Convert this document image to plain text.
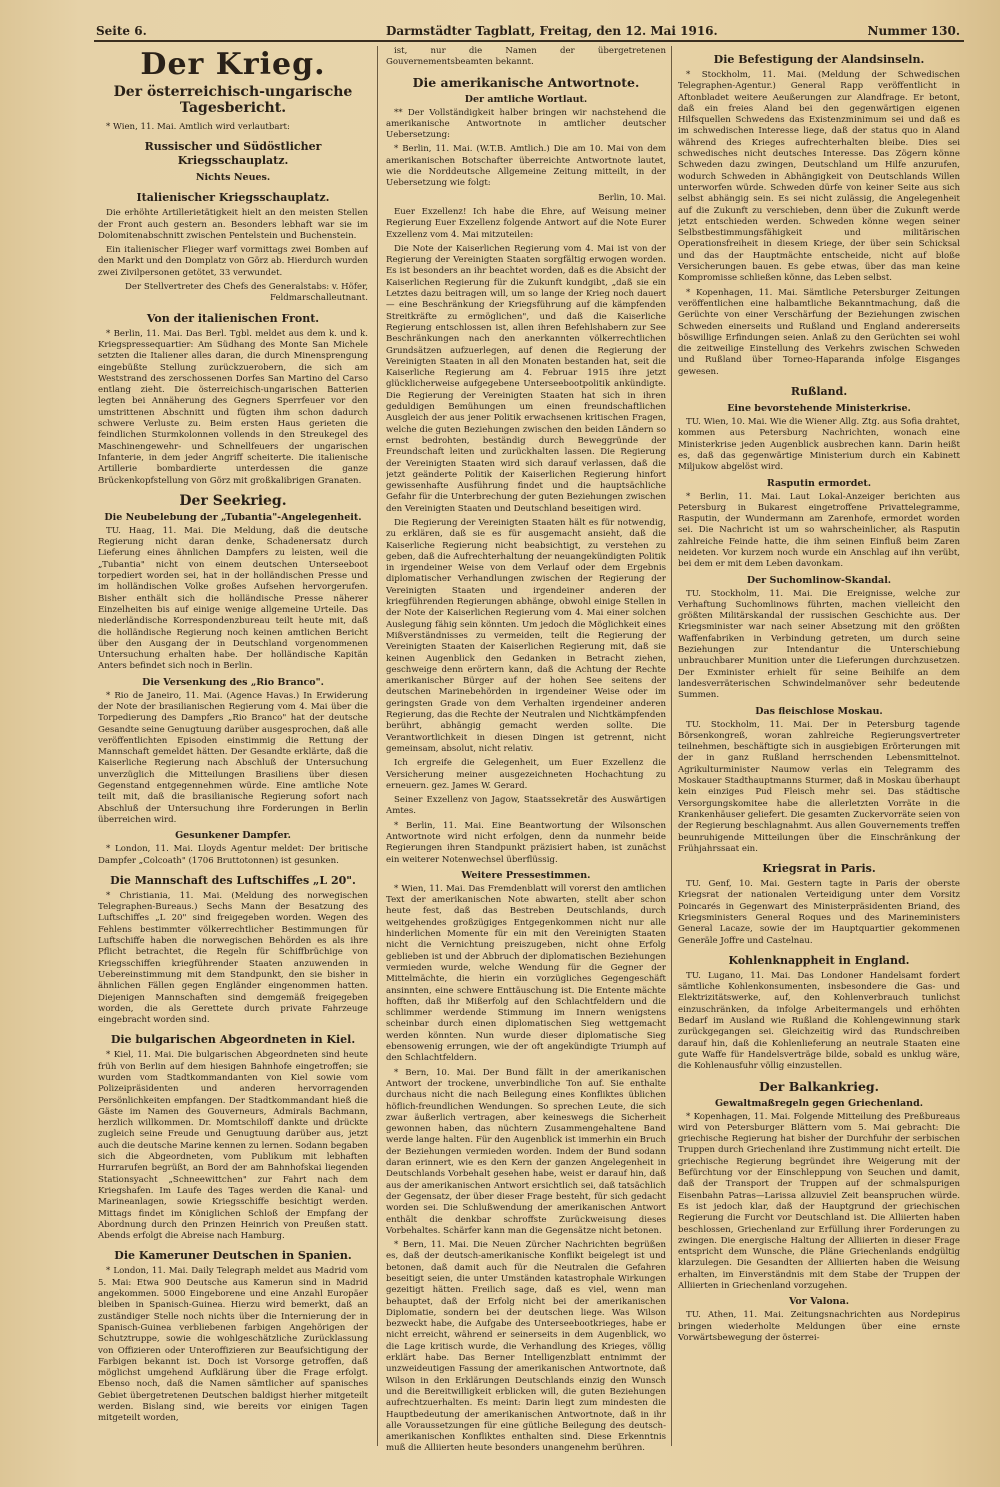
Seite 6.	Darmstädter Tagblatt, Freitag, den 12. Mai 1916.	Nummer 130.
Der Krieg.
Der österreichisch-ungarische Tagesbericht.

* Wien, 11. Mai. Amtlich wird verlautbart:

Russischer und Südöstlicher Kriegsschauplatz.
Nichts Neues.
Italienischer Kriegsschauplatz.

Die erhöhte Artillerietätigkeit hielt an den meisten Stellen der Front auch gestern an. Besonders lebhaft war sie im Dolomitenabschnitt zwischen Pentelstein und Buchenstein.

Ein italienischer Flieger warf vormittags zwei Bomben auf den Markt und den Domplatz von Görz ab. Hierdurch wurden zwei Zivilpersonen getötet, 33 verwundet.

Der Stellvertreter des Chefs des Generalstabs: v. Höfer, Feldmarschalleutnant.

Von der italienischen Front.

* Berlin, 11. Mai. Das Berl. Tgbl. meldet aus dem k. und k. Kriegspressequartier: Am Südhang des Monte San Michele setzten die Italiener alles daran, die durch Minensprengung eingebüßte Stellung zurückzuerobern, die sich am Weststrand des zerschossenen Dorfes San Martino del Carso entlang zieht. Die österreichisch-ungarischen Batterien legten bei Annäherung des Gegners Sperrfeuer vor den umstrittenen Abschnitt und fügten ihm schon dadurch schwere Verluste zu. Beim ersten Haus gerieten die feindlichen Sturmkolonnen vollends in den Streukegel des Maschinengewehr- und Schnellfeuers der ungarischen Infanterie, in dem jeder Angriff scheiterte. Die italienische Artillerie bombardierte unterdessen die ganze Brückenkopfstellung von Görz mit großkalibrigen Granaten.

Der Seekrieg.
Die Neubelebung der „Tubantia"-Angelegenheit.

TU. Haag, 11. Mai. Die Meldung, daß die deutsche Regierung nicht daran denke, Schadenersatz durch Lieferung eines ähnlichen Dampfers zu leisten, weil die „Tubantia" nicht von einem deutschen Unterseeboot torpediert worden sei, hat in der holländischen Presse und im holländischen Volke großes Aufsehen hervorgerufen. Bisher enthält sich die holländische Presse näherer Einzelheiten bis auf einige wenige allgemeine Urteile. Das niederländische Korrespondenzbureau teilt heute mit, daß die holländische Regierung noch keinen amtlichen Bericht über den Ausgang der in Deutschland vorgenommenen Untersuchung erhalten habe. Der holländische Kapitän Anters befindet sich noch in Berlin.

Die Versenkung des „Rio Branco".

* Rio de Janeiro, 11. Mai. (Agence Havas.) In Erwiderung der Note der brasilianischen Regierung vom 4. Mai über die Torpedierung des Dampfers „Rio Branco" hat der deutsche Gesandte seine Genugtuung darüber ausgesprochen, daß alle veröffentlichten Episoden einstimmig die Rettung der Mannschaft gemeldet hätten. Der Gesandte erklärte, daß die Kaiserliche Regierung nach Abschluß der Untersuchung unverzüglich die Mitteilungen Brasiliens über diesen Gegenstand entgegennehmen würde. Eine amtliche Note teilt mit, daß die brasilianische Regierung sofort nach Abschluß der Untersuchung ihre Forderungen in Berlin überreichen wird.

Gesunkener Dampfer.

* London, 11. Mai. Lloyds Agentur meldet: Der britische Dampfer „Colcoath" (1706 Bruttotonnen) ist gesunken.

Die Mannschaft des Luftschiffes „L 20".

* Christiania, 11. Mai. (Meldung des norwegischen Telegraphen-Bureaus.) Sechs Mann der Besatzung des Luftschiffes „L 20" sind freigegeben worden. Wegen des Fehlens bestimmter völkerrechtlicher Bestimmungen für Luftschiffe haben die norwegischen Behörden es als ihre Pflicht betrachtet, die Regeln für Schiffbrüchige von Kriegsschiffen kriegführender Staaten anzuwenden in Uebereinstimmung mit dem Standpunkt, den sie bisher in ähnlichen Fällen gegen Engländer eingenommen hatten. Diejenigen Mannschaften sind demgemäß freigegeben worden, die als Gerettete durch private Fahrzeuge eingebracht worden sind.

Die bulgarischen Abgeordneten in Kiel.

* Kiel, 11. Mai. Die bulgarischen Abgeordneten sind heute früh von Berlin auf dem hiesigen Bahnhofe eingetroffen; sie wurden vom Stadtkommandanten von Kiel sowie vom Polizeipräsidenten und anderen hervorragenden Persönlichkeiten empfangen. Der Stadtkommandant hieß die Gäste im Namen des Gouverneurs, Admirals Bachmann, herzlich willkommen. Dr. Momtschiloff dankte und drückte zugleich seine Freude und Genugtuung darüber aus, jetzt auch die deutsche Marine kennen zu lernen. Sodann begaben sich die Abgeordneten, vom Publikum mit lebhaften Hurrarufen begrüßt, an Bord der am Bahnhofskai liegenden Stationsyacht „Schneewittchen" zur Fahrt nach dem Kriegshafen. Im Laufe des Tages werden die Kanal- und Marineanlagen, sowie Kriegsschiffe besichtigt werden. Mittags findet im Königlichen Schloß der Empfang der Abordnung durch den Prinzen Heinrich von Preußen statt. Abends erfolgt die Abreise nach Hamburg.

Die Kameruner Deutschen in Spanien.

* London, 11. Mai. Daily Telegraph meldet aus Madrid vom 5. Mai: Etwa 900 Deutsche aus Kamerun sind in Madrid angekommen. 5000 Eingeborene und eine Anzahl Europäer bleiben in Spanisch-Guinea. Hierzu wird bemerkt, daß an zuständiger Stelle noch nichts über die Internierung der in Spanisch-Guinea verbliebenen farbigen Angehörigen der Schutztruppe, sowie die wohlgeschätzliche Zurücklassung von Offizieren oder Unteroffizieren zur Beaufsichtigung der Farbigen bekannt ist. Doch ist Vorsorge getroffen, daß möglichst umgehend Aufklärung über die Frage erfolgt. Ebenso noch, daß die Namen sämtlicher auf spanisches Gebiet übergetretenen Deutschen baldigst hierher mitgeteilt werden. Bislang sind, wie bereits vor einigen Tagen mitgeteilt worden,

ist, nur die Namen der übergetretenen Gouvernementsbeamten bekannt.

Die amerikanische Antwortnote.
Der amtliche Wortlaut.

** Der Vollständigkeit halber bringen wir nachstehend die amerikanische Antwortnote in amtlicher deutscher Uebersetzung:

* Berlin, 11. Mai. (W.T.B. Amtlich.) Die am 10. Mai von dem amerikanischen Botschafter überreichte Antwortnote lautet, wie die Norddeutsche Allgemeine Zeitung mitteilt, in der Uebersetzung wie folgt:

Berlin, 10. Mai.

Euer Exzellenz! Ich habe die Ehre, auf Weisung meiner Regierung Euer Exzellenz folgende Antwort auf die Note Eurer Exzellenz vom 4. Mai mitzuteilen:

Die Note der Kaiserlichen Regierung vom 4. Mai ist von der Regierung der Vereinigten Staaten sorgfältig erwogen worden. Es ist besonders an ihr beachtet worden, daß es die Absicht der Kaiserlichen Regierung für die Zukunft kundgibt, „daß sie ein Letztes dazu beitragen will, um so lange der Krieg noch dauert — eine Beschränkung der Kriegsführung auf die kämpfenden Streitkräfte zu ermöglichen", und daß die Kaiserliche Regierung entschlossen ist, allen ihren Befehlshabern zur See Beschränkungen nach den anerkannten völkerrechtlichen Grundsätzen aufzuerlegen, auf denen die Regierung der Vereinigten Staaten in all den Monaten bestanden hat, seit die Kaiserliche Regierung am 4. Februar 1915 ihre jetzt glücklicherweise aufgegebene Unterseebootpolitik ankündigte. Die Regierung der Vereinigten Staaten hat sich in ihren geduldigen Bemühungen um einen freundschaftlichen Ausgleich der aus jener Politik erwachsenen kritischen Fragen, welche die guten Beziehungen zwischen den beiden Ländern so ernst bedrohten, beständig durch Beweggründe der Freundschaft leiten und zurückhalten lassen. Die Regierung der Vereinigten Staaten wird sich darauf verlassen, daß die jetzt geänderte Politik der Kaiserlichen Regierung hinfort gewissenhafte Ausführung findet und die hauptsächliche Gefahr für die Unterbrechung der guten Beziehungen zwischen den Vereinigten Staaten und Deutschland beseitigen wird.

Die Regierung der Vereinigten Staaten hält es für notwendig, zu erklären, daß sie es für ausgemacht ansieht, daß die Kaiserliche Regierung nicht beabsichtigt, zu verstehen zu geben, daß die Aufrechterhaltung der neuangekündigten Politik in irgendeiner Weise von dem Verlauf oder dem Ergebnis diplomatischer Verhandlungen zwischen der Regierung der Vereinigten Staaten und irgendeiner anderen der kriegführenden Regierungen abhänge, obwohl einige Stellen in der Note der Kaiserlichen Regierung vom 4. Mai einer solchen Auslegung fähig sein könnten. Um jedoch die Möglichkeit eines Mißverständnisses zu vermeiden, teilt die Regierung der Vereinigten Staaten der Kaiserlichen Regierung mit, daß sie keinen Augenblick den Gedanken in Betracht ziehen, geschweige denn erörtern kann, daß die Achtung der Rechte amerikanischer Bürger auf der hohen See seitens der deutschen Marinebehörden in irgendeiner Weise oder im geringsten Grade von dem Verhalten irgendeiner anderen Regierung, das die Rechte der Neutralen und Nichtkämpfenden berührt, abhängig gemacht werden sollte. Die Verantwortlichkeit in diesen Dingen ist getrennt, nicht gemeinsam, absolut, nicht relativ.

Ich ergreife die Gelegenheit, um Euer Exzellenz die Versicherung meiner ausgezeichneten Hochachtung zu erneuern. gez. James W. Gerard.

Seiner Exzellenz von Jagow, Staatssekretär des Auswärtigen Amtes.

* Berlin, 11. Mai. Eine Beantwortung der Wilsonschen Antwortnote wird nicht erfolgen, denn da nunmehr beide Regierungen ihren Standpunkt präzisiert haben, ist zunächst ein weiterer Notenwechsel überflüssig.

Weitere Pressestimmen.

* Wien, 11. Mai. Das Fremdenblatt will vorerst den amtlichen Text der amerikanischen Note abwarten, stellt aber schon heute fest, daß das Bestreben Deutschlands, durch weitgehendes großzügiges Entgegenkommen nicht nur alle hinderlichen Momente für ein mit den Vereinigten Staaten nicht die Vernichtung preiszugeben, nicht ohne Erfolg geblieben ist und der Abbruch der diplomatischen Beziehungen vermieden wurde, welche Wendung für die Gegner der Mittelmächte, die hierin ein vorzügliches Gegengeschäft ansinnten, eine schwere Enttäuschung ist. Die Entente mächte hofften, daß ihr Mißerfolg auf den Schlachtfeldern und die schlimmer werdende Stimmung im Innern wenigstens scheinbar durch einen diplomatischen Sieg wettgemacht werden könnten. Nun wurde dieser diplomatische Sieg ebensowenig errungen, wie der oft angekündigte Triumph auf den Schlachtfeldern.

* Bern, 10. Mai. Der Bund fällt in der amerikanischen Antwort der trockene, unverbindliche Ton auf. Sie enthalte durchaus nicht die nach Beilegung eines Konfliktes üblichen höflich-freundlichen Wendungen. So sprechen Leute, die sich zwar äußerlich vertragen, aber keineswegs die Sicherheit gewonnen haben, das nüchtern Zusammengehaltene Band werde lange halten. Für den Augenblick ist immerhin ein Bruch der Beziehungen vermieden worden. Indem der Bund sodann daran erinnert, wie es den Kern der ganzen Angelegenheit in Deutschlands Vorbehalt gesehen habe, weist er darauf hin, daß aus der amerikanischen Antwort ersichtlich sei, daß tatsächlich der Gegensatz, der über dieser Frage besteht, für sich gedacht worden sei. Die Schlußwendung der amerikanischen Antwort enthält die denkbar schroffste Zurückweisung dieses Vorbehaltes. Schärfer kann man die Gegensätze nicht betonen.

* Bern, 11. Mai. Die Neuen Zürcher Nachrichten begrüßen es, daß der deutsch-amerikanische Konflikt beigelegt ist und betonen, daß damit auch für die Neutralen die Gefahren beseitigt seien, die unter Umständen katastrophale Wirkungen gezeitigt hätten. Freilich sage, daß es viel, wenn man behauptet, daß der Erfolg nicht bei der amerikanischen Diplomatie, sondern bei der deutschen liege. Was Wilson bezweckt habe, die Aufgabe des Unterseebootkrieges, habe er nicht erreicht, während er seinerseits in dem Augenblick, wo die Lage kritisch wurde, die Verhandlung des Krieges, völlig erklärt habe. Das Berner Intelligenzblatt entnimmt der unzweideutigen Fassung der amerikanischen Antwortnote, daß Wilson in den Erklärungen Deutschlands einzig den Wunsch und die Bereitwilligkeit erblicken will, die guten Beziehungen aufrechtzuerhalten. Es meint: Darin liegt zum mindesten die Hauptbedeutung der amerikanischen Antwortnote, daß in ihr alle Voraussetzungen für eine gütliche Beilegung des deutsch-amerikanischen Konfliktes enthalten sind. Diese Erkenntnis muß die Alliierten heute besonders unangenehm berühren.

Die Befestigung der Alandsinseln.

* Stockholm, 11. Mai. (Meldung der Schwedischen Telegraphen-Agentur.) General Rapp veröffentlicht in Aftonbladet weitere Aeußerungen zur Alandfrage. Er betont, daß ein freies Aland bei den gegenwärtigen eigenen Hilfsquellen Schwedens das Existenzminimum sei und daß es im schwedischen Interesse liege, daß der status quo in Aland während des Krieges aufrechterhalten bleibe. Dies sei schwedisches nicht deutsches Interesse. Das Zögern könne Schweden dazu zwingen, Deutschland um Hilfe anzurufen, wodurch Schweden in Abhängigkeit von Deutschlands Willen unterworfen würde. Schweden dürfe von keiner Seite aus sich selbst abhängig sein. Es sei nicht zulässig, die Angelegenheit auf die Zukunft zu verschieben, denn über die Zukunft werde jetzt entschieden werden. Schweden könne wegen seiner Selbstbestimmungsfähigkeit und militärischen Operationsfreiheit in diesem Kriege, der über sein Schicksal und das der Hauptmächte entscheide, nicht auf bloße Versicherungen bauen. Es gebe etwas, über das man keine Kompromisse schließen könne, das Leben selbst.

* Kopenhagen, 11. Mai. Sämtliche Petersburger Zeitungen veröffentlichen eine halbamtliche Bekanntmachung, daß die Gerüchte von einer Verschärfung der Beziehungen zwischen Schweden einerseits und Rußland und England andererseits böswillige Erfindungen seien. Anlaß zu den Gerüchten sei wohl die zeitweilige Einstellung des Verkehrs zwischen Schweden und Rußland über Torneo-Haparanda infolge Eisganges gewesen.

Rußland.
Eine bevorstehende Ministerkrise.

TU. Wien, 10. Mai. Wie die Wiener Allg. Ztg. aus Sofia drahtet, kommen aus Petersburg Nachrichten, wonach eine Ministerkrise jeden Augenblick ausbrechen kann. Darin heißt es, daß das gegenwärtige Ministerium durch ein Kabinett Miljukow abgelöst wird.

Rasputin ermordet.

* Berlin, 11. Mai. Laut Lokal-Anzeiger berichten aus Petersburg in Bukarest eingetroffene Privattelegramme, Rasputin, der Wundermann am Zarenhofe, ermordet worden sei. Die Nachricht ist um so wahrscheinlicher, als Rasputin zahlreiche Feinde hatte, die ihm seinen Einfluß beim Zaren neideten. Vor kurzem noch wurde ein Anschlag auf ihn verübt, bei dem er mit dem Leben davonkam.

Der Suchomlinow-Skandal.

TU. Stockholm, 11. Mai. Die Ereignisse, welche zur Verhaftung Suchomlinows führten, machen vielleicht den größten Militärskandal der russischen Geschichte aus. Der Kriegsminister war nach seiner Absetzung mit den größten Waffenfabriken in Verbindung getreten, um durch seine Beziehungen zur Intendantur die Unterschiebung unbrauchbarer Munition unter die Lieferungen durchzusetzen. Der Exminister erhielt für seine Beihilfe an dem landesverräterischen Schwindelmanöver sehr bedeutende Summen.

Das fleischlose Moskau.

TU. Stockholm, 11. Mai. Der in Petersburg tagende Börsenkongreß, woran zahlreiche Regierungsvertreter teilnehmen, beschäftigte sich in ausgiebigen Erörterungen mit der in ganz Rußland herrschenden Lebensmittelnot. Agrikulturminister Naumow verlas ein Telegramm des Moskauer Stadthauptmanns Sturmer, daß in Moskau überhaupt kein einziges Pud Fleisch mehr sei. Das städtische Versorgungskomitee habe die allerletzten Vorräte in die Krankenhäuser geliefert. Die gesamten Zuckervorräte seien von der Regierung beschlagnahmt. Aus allen Gouvernements treffen beunruhigende Mitteilungen über die Einschränkung der Frühjahrssaat ein.

Kriegsrat in Paris.

TU. Genf, 10. Mai. Gestern tagte in Paris der oberste Kriegsrat der nationalen Verteidigung unter dem Vorsitz Poincarés in Gegenwart des Ministerpräsidenten Briand, des Kriegsministers General Roques und des Marineministers General Lacaze, sowie der im Hauptquartier gekommenen Generäle Joffre und Castelnau.

Kohlenknappheit in England.

TU. Lugano, 11. Mai. Das Londoner Handelsamt fordert sämtliche Kohlenkonsumenten, insbesondere die Gas- und Elektrizitätswerke, auf, den Kohlenverbrauch tunlichst einzuschränken, da infolge Arbeitermangels und erhöhten Bedarf im Ausland wie Rußland die Kohlengewinnung stark zurückgegangen sei. Gleichzeitig wird das Rundschreiben darauf hin, daß die Kohlenlieferung an neutrale Staaten eine gute Waffe für Handelsverträge bilde, sobald es unklug wäre, die Kohlenausfuhr völlig einzustellen.

Der Balkankrieg.
Gewaltmaßregeln gegen Griechenland.

* Kopenhagen, 11. Mai. Folgende Mitteilung des Preßbureaus wird von Petersburger Blättern vom 5. Mai gebracht: Die griechische Regierung hat bisher der Durchfuhr der serbischen Truppen durch Griechenland ihre Zustimmung nicht erteilt. Die griechische Regierung begründet ihre Weigerung mit der Befürchtung vor der Einschleppung von Seuchen und damit, daß der Transport der Truppen auf der schmalspurigen Eisenbahn Patras—Larissa allzuviel Zeit beanspruchen würde. Es ist jedoch klar, daß der Hauptgrund der griechischen Regierung die Furcht vor Deutschland ist. Die Alliierten haben beschlossen, Griechenland zur Erfüllung ihrer Forderungen zu zwingen. Die energische Haltung der Alliierten in dieser Frage entspricht dem Wunsche, die Pläne Griechenlands endgültig klarzulegen. Die Gesandten der Alliierten haben die Weisung erhalten, im Einverständnis mit dem Stabe der Truppen der Alliierten in Griechenland vorzugehen.

Vor Valona.

TU. Athen, 11. Mai. Zeitungsnachrichten aus Nordepirus bringen wiederholte Meldungen über eine ernste Vorwärtsbewegung der österrei-
